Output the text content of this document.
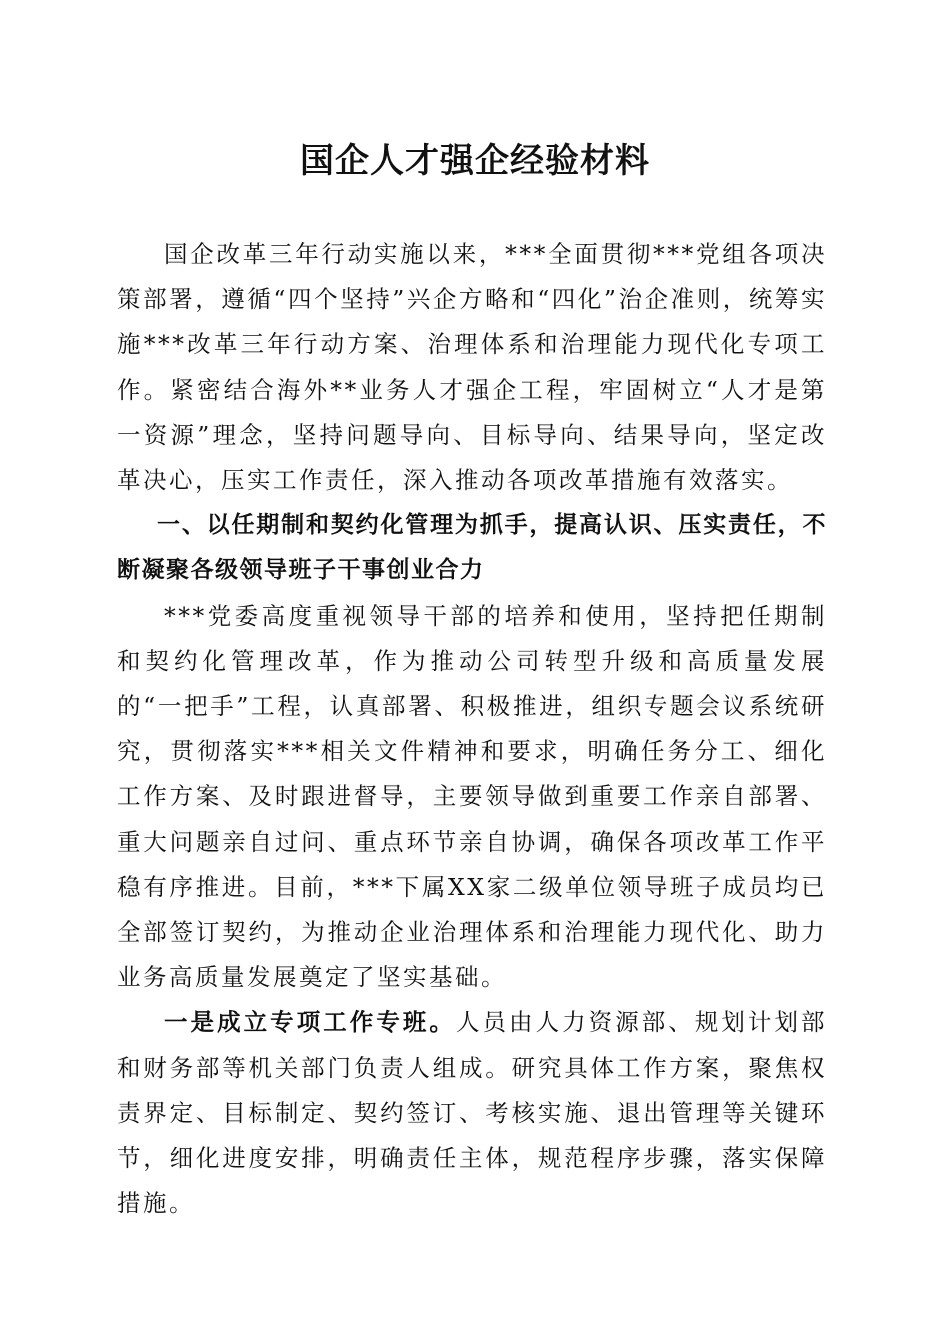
国企人才强企经验材料

国企改革三年行动实施以来，***全面贯彻***党组各项决策部署，遵循“四个坚持”兴企方略和“四化”治企准则，统筹实施***改革三年行动方案、治理体系和治理能力现代化专项工作。紧密结合海外**业务人才强企工程，牢固树立“人才是第一资源”理念，坚持问题导向、目标导向、结果导向，坚定改革决心，压实工作责任，深入推动各项改革措施有效落实。

一、以任期制和契约化管理为抓手，提高认识、压实责任，不断凝聚各级领导班子干事创业合力

***党委高度重视领导干部的培养和使用，坚持把任期制和契约化管理改革，作为推动公司转型升级和高质量发展的“一把手”工程，认真部署、积极推进，组织专题会议系统研究，贯彻落实***相关文件精神和要求，明确任务分工、细化工作方案、及时跟进督导，主要领导做到重要工作亲自部署、重大问题亲自过问、重点环节亲自协调，确保各项改革工作平稳有序推进。目前，***下属XX家二级单位领导班子成员均已全部签订契约，为推动企业治理体系和治理能力现代化、助力业务高质量发展奠定了坚实基础。

一是成立专项工作专班。人员由人力资源部、规划计划部和财务部等机关部门负责人组成。研究具体工作方案，聚焦权责界定、目标制定、契约签订、考核实施、退出管理等关键环节，细化进度安排，明确责任主体，规范程序步骤，落实保障措施。
